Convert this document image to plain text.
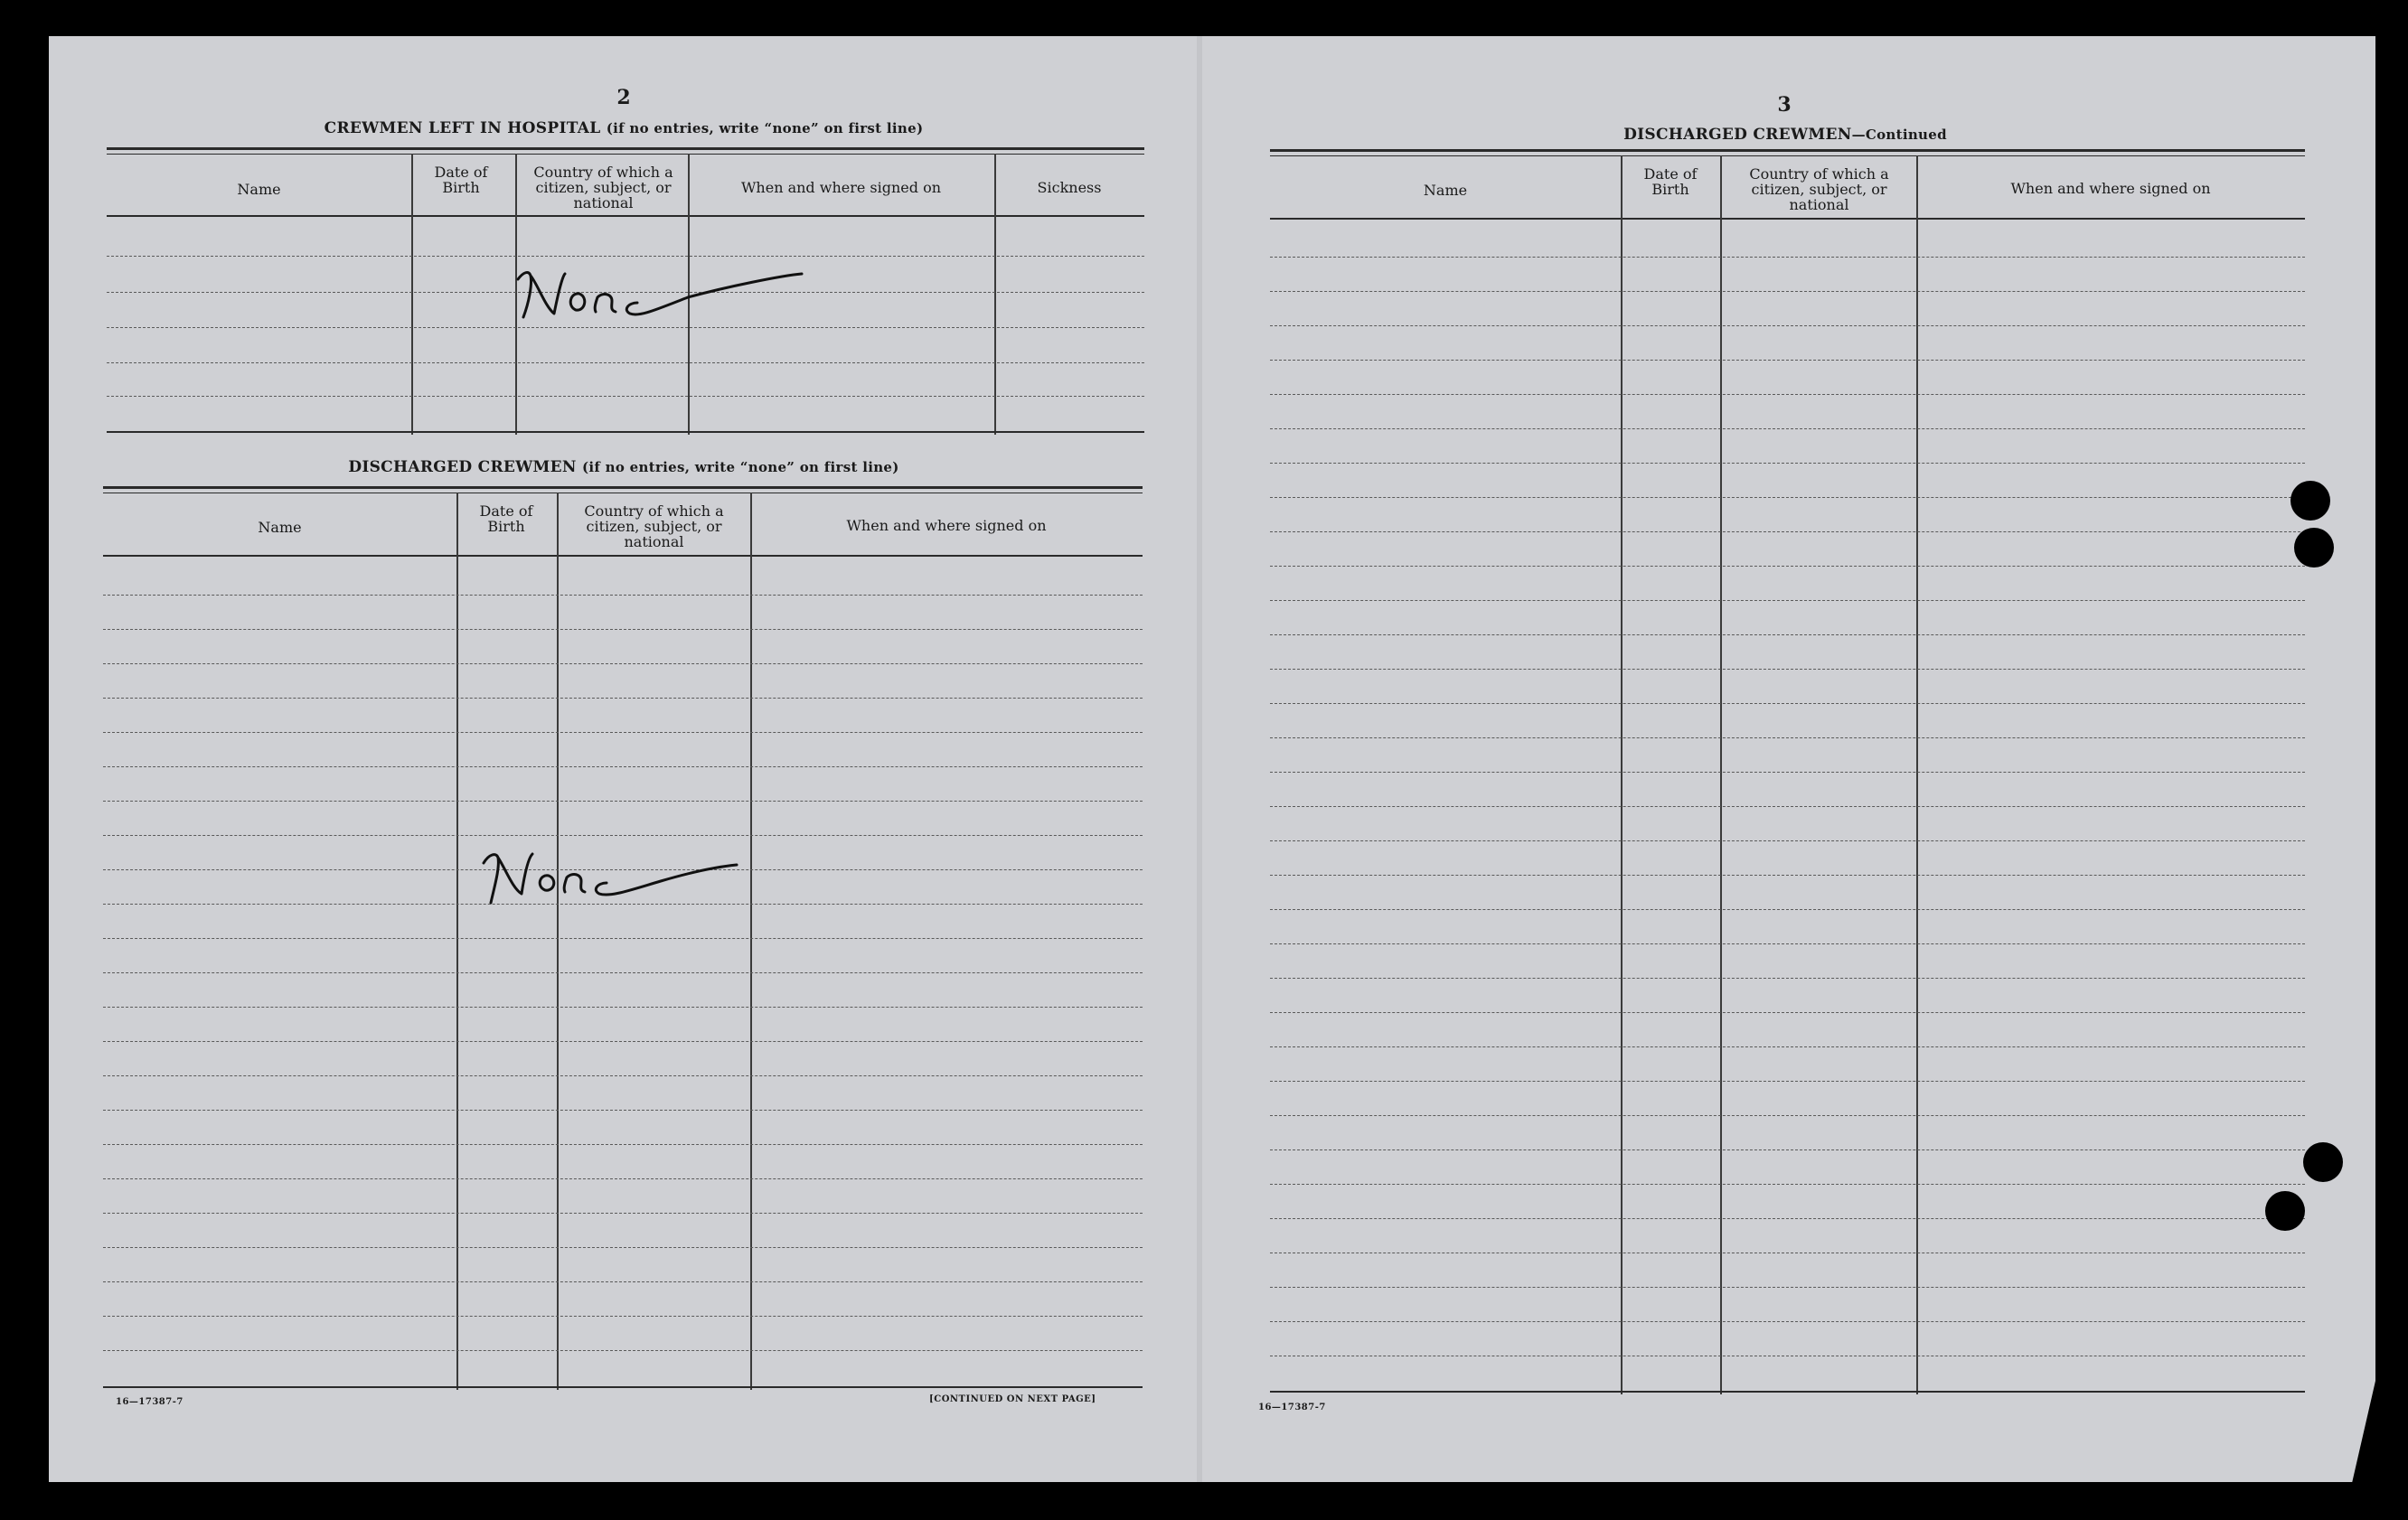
2
CREWMEN LEFT IN HOSPITAL (if no entries, write “none” on first line)
Name
Date of Birth
Country of which a citizen, subject, or national
When and where signed on	Sickness
DISCHARGED CREWMEN (if no entries, write “none” on first line)
Name
Date of Birth
Country of which a citizen, subject, or national
When and where signed on
16—17387-7	[CONTINUED ON NEXT PAGE]
3
DISCHARGED CREWMEN—Continued
Name
Date of Birth
Country of which a citizen, subject, or national
When and where signed on
16—17387-7
